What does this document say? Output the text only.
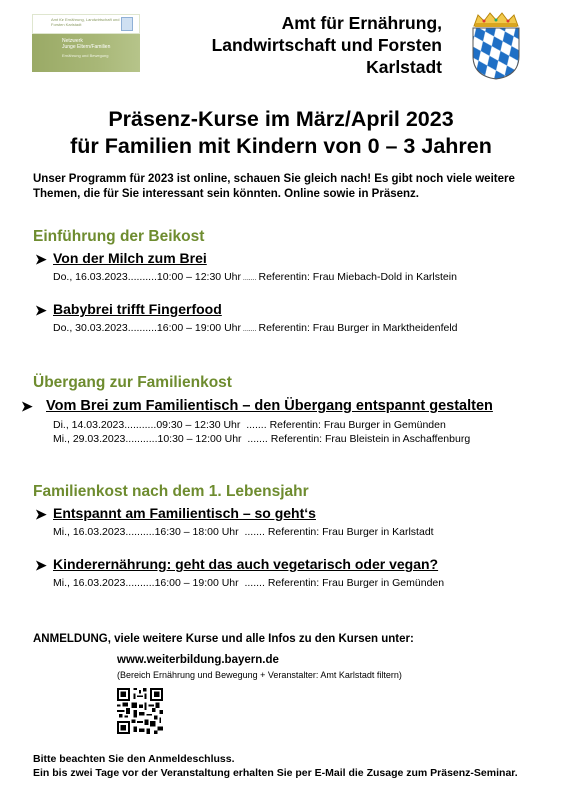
Amt für Ernährung, Landwirtschaft und Forsten Karlstadt
Netzwerk
Junge Eltern/Familien
Ernährung und Bewegung
Amt für Ernährung,
Landwirtschaft und Forsten
Karlstadt
Präsenz-Kurse im März/April 2023
für Familien mit Kindern von 0 – 3 Jahren
Unser Programm für 2023 ist online, schauen Sie gleich nach! Es gibt noch viele weitere Themen, die für Sie interessant sein könnten. Online sowie in Präsenz.
Einführung der Beikost
➤ Von der Milch zum Brei
Do., 16.03.2023..........10:00 – 12:30 Uhr ....... Referentin: Frau Miebach-Dold in Karlstein
➤ Babybrei trifft Fingerfood
Do., 30.03.2023..........16:00 – 19:00 Uhr ....... Referentin: Frau Burger in Marktheidenfeld
Übergang zur Familienkost
➤ Vom Brei zum Familientisch – den Übergang entspannt gestalten
Di., 14.03.2023...........09:30 – 12:30 Uhr  ....... Referentin: Frau Burger in Gemünden
Mi., 29.03.2023...........10:30 – 12:00 Uhr  ....... Referentin: Frau Bleistein in Aschaffenburg
Familienkost nach dem 1. Lebensjahr
➤ Entspannt am Familientisch – so geht‘s
Mi., 16.03.2023..........16:30 – 18:00 Uhr  ....... Referentin: Frau Burger in Karlstadt
➤ Kinderernährung: geht das auch vegetarisch oder vegan?
Mi., 16.03.2023..........16:00 – 19:00 Uhr  ....... Referentin: Frau Burger in Gemünden
ANMELDUNG, viele weitere Kurse und alle Infos zu den Kursen unter:
www.weiterbildung.bayern.de
(Bereich Ernährung und Bewegung + Veranstalter: Amt Karlstadt filtern)
Bitte beachten Sie den Anmeldeschluss.
Ein bis zwei Tage vor der Veranstaltung erhalten Sie per E-Mail die Zusage zum Präsenz-Seminar.
